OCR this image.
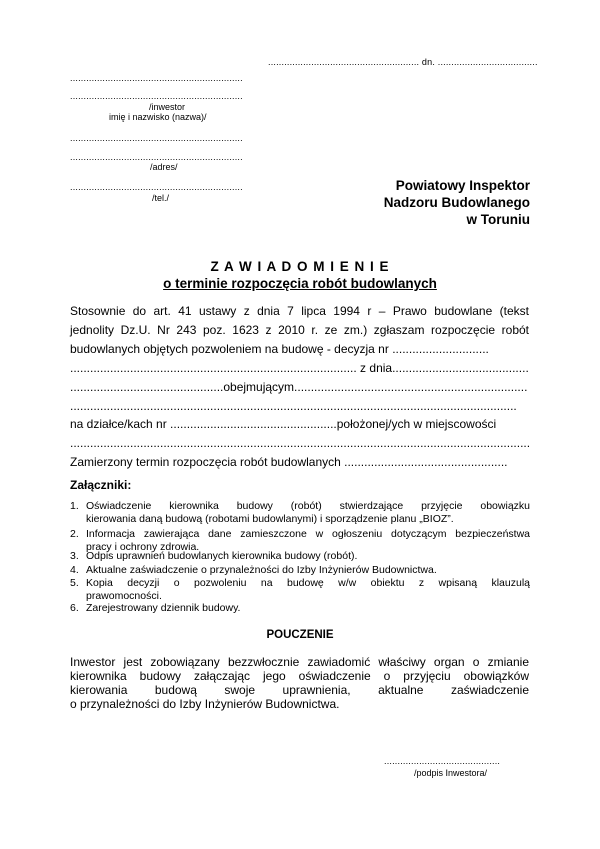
........................................................ dn. .....................................
................................................................
................................................................
/inwestor
imię i nazwisko (nazwa)/
................................................................
................................................................
/adres/
................................................................
/tel./
Powiatowy Inspektor
Nadzoru Budowlanego
w Toruniu
Z A W I A D O M I E N I E
o terminie rozpoczęcia robót budowlanych
Stosownie do art. 41 ustawy z dnia 7 lipca 1994 r – Prawo budowlane (tekst
jednolity Dz.U. Nr 243 poz. 1623 z 2010 r. ze zm.) zgłaszam rozpoczęcie robót
budowlanych objętych pozwoleniem na budowę - decyzja nr .............................
...................................................................................... z dnia.........................................
..............................................obejmującym......................................................................
......................................................................................................................................
na działce/kach nr ..................................................położonej/ych w miejscowości
..........................................................................................................................................
Zamierzony termin rozpoczęcia robót budowlanych .................................................
Załączniki:
1. Oświadczenie kierownika budowy (robót) stwierdzające przyjęcie obowiązku
kierowania daną budową (robotami budowlanymi) i sporządzenie planu „BIOZ”.
2. Informacja zawierająca dane zamieszczone w ogłoszeniu dotyczącym bezpieczeństwa
pracy i ochrony zdrowia.
3. Odpis uprawnień budowlanych kierownika budowy (robót).
4. Aktualne zaświadczenie o przynależności do Izby Inżynierów Budownictwa.
5. Kopia decyzji o pozwoleniu na budowę w/w obiektu z wpisaną klauzulą
prawomocności.
6. Zarejestrowany dziennik budowy.
POUCZENIE
Inwestor jest zobowiązany bezzwłocznie zawiadomić właściwy organ o zmianie
kierownika budowy załączając jego oświadczenie o przyjęciu obowiązków
kierowania budową swoje uprawnienia, aktualne zaświadczenie
o przynależności do Izby Inżynierów Budownictwa.
...........................................
/podpis Inwestora/
